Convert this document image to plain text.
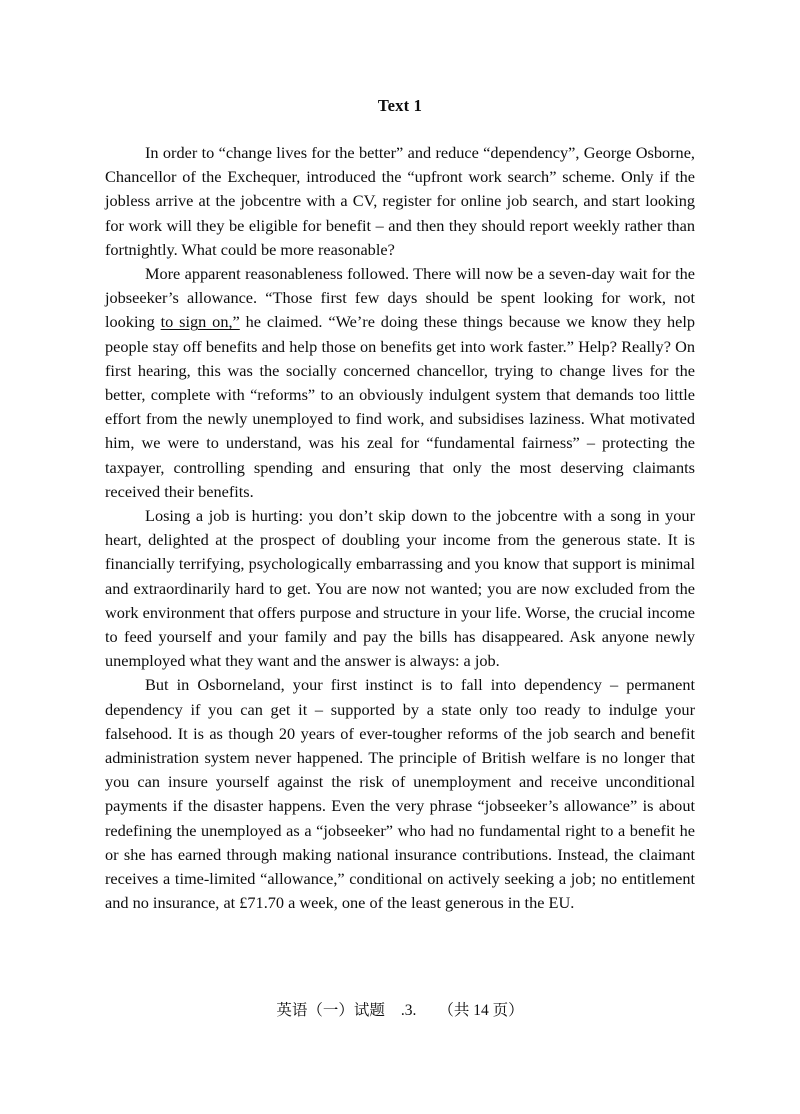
Text 1

In order to “change lives for the better” and reduce “dependency”, George Osborne, Chancellor of the Exchequer, introduced the “upfront work search” scheme. Only if the jobless arrive at the jobcentre with a CV, register for online job search, and start looking for work will they be eligible for benefit – and then they should report weekly rather than fortnightly. What could be more reasonable?

More apparent reasonableness followed. There will now be a seven-day wait for the jobseeker’s allowance. “Those first few days should be spent looking for work, not looking to sign on,” he claimed. “We’re doing these things because we know they help people stay off benefits and help those on benefits get into work faster.” Help? Really? On first hearing, this was the socially concerned chancellor, trying to change lives for the better, complete with “reforms” to an obviously indulgent system that demands too little effort from the newly unemployed to find work, and subsidises laziness. What motivated him, we were to understand, was his zeal for “fundamental fairness” – protecting the taxpayer, controlling spending and ensuring that only the most deserving claimants received their benefits.

Losing a job is hurting: you don’t skip down to the jobcentre with a song in your heart, delighted at the prospect of doubling your income from the generous state. It is financially terrifying, psychologically embarrassing and you know that support is minimal and extraordinarily hard to get. You are now not wanted; you are now excluded from the work environment that offers purpose and structure in your life. Worse, the crucial income to feed yourself and your family and pay the bills has disappeared. Ask anyone newly unemployed what they want and the answer is always: a job.

But in Osborneland, your first instinct is to fall into dependency – permanent dependency if you can get it – supported by a state only too ready to indulge your falsehood. It is as though 20 years of ever-tougher reforms of the job search and benefit administration system never happened. The principle of British welfare is no longer that you can insure yourself against the risk of unemployment and receive unconditional payments if the disaster happens. Even the very phrase “jobseeker’s allowance” is about redefining the unemployed as a “jobseeker” who had no fundamental right to a benefit he or she has earned through making national insurance contributions. Instead, the claimant receives a time-limited “allowance,” conditional on actively seeking a job; no entitlement and no insurance, at £71.70 a week, one of the least generous in the EU.

英语（一）试题 .3. （共 14 页）
